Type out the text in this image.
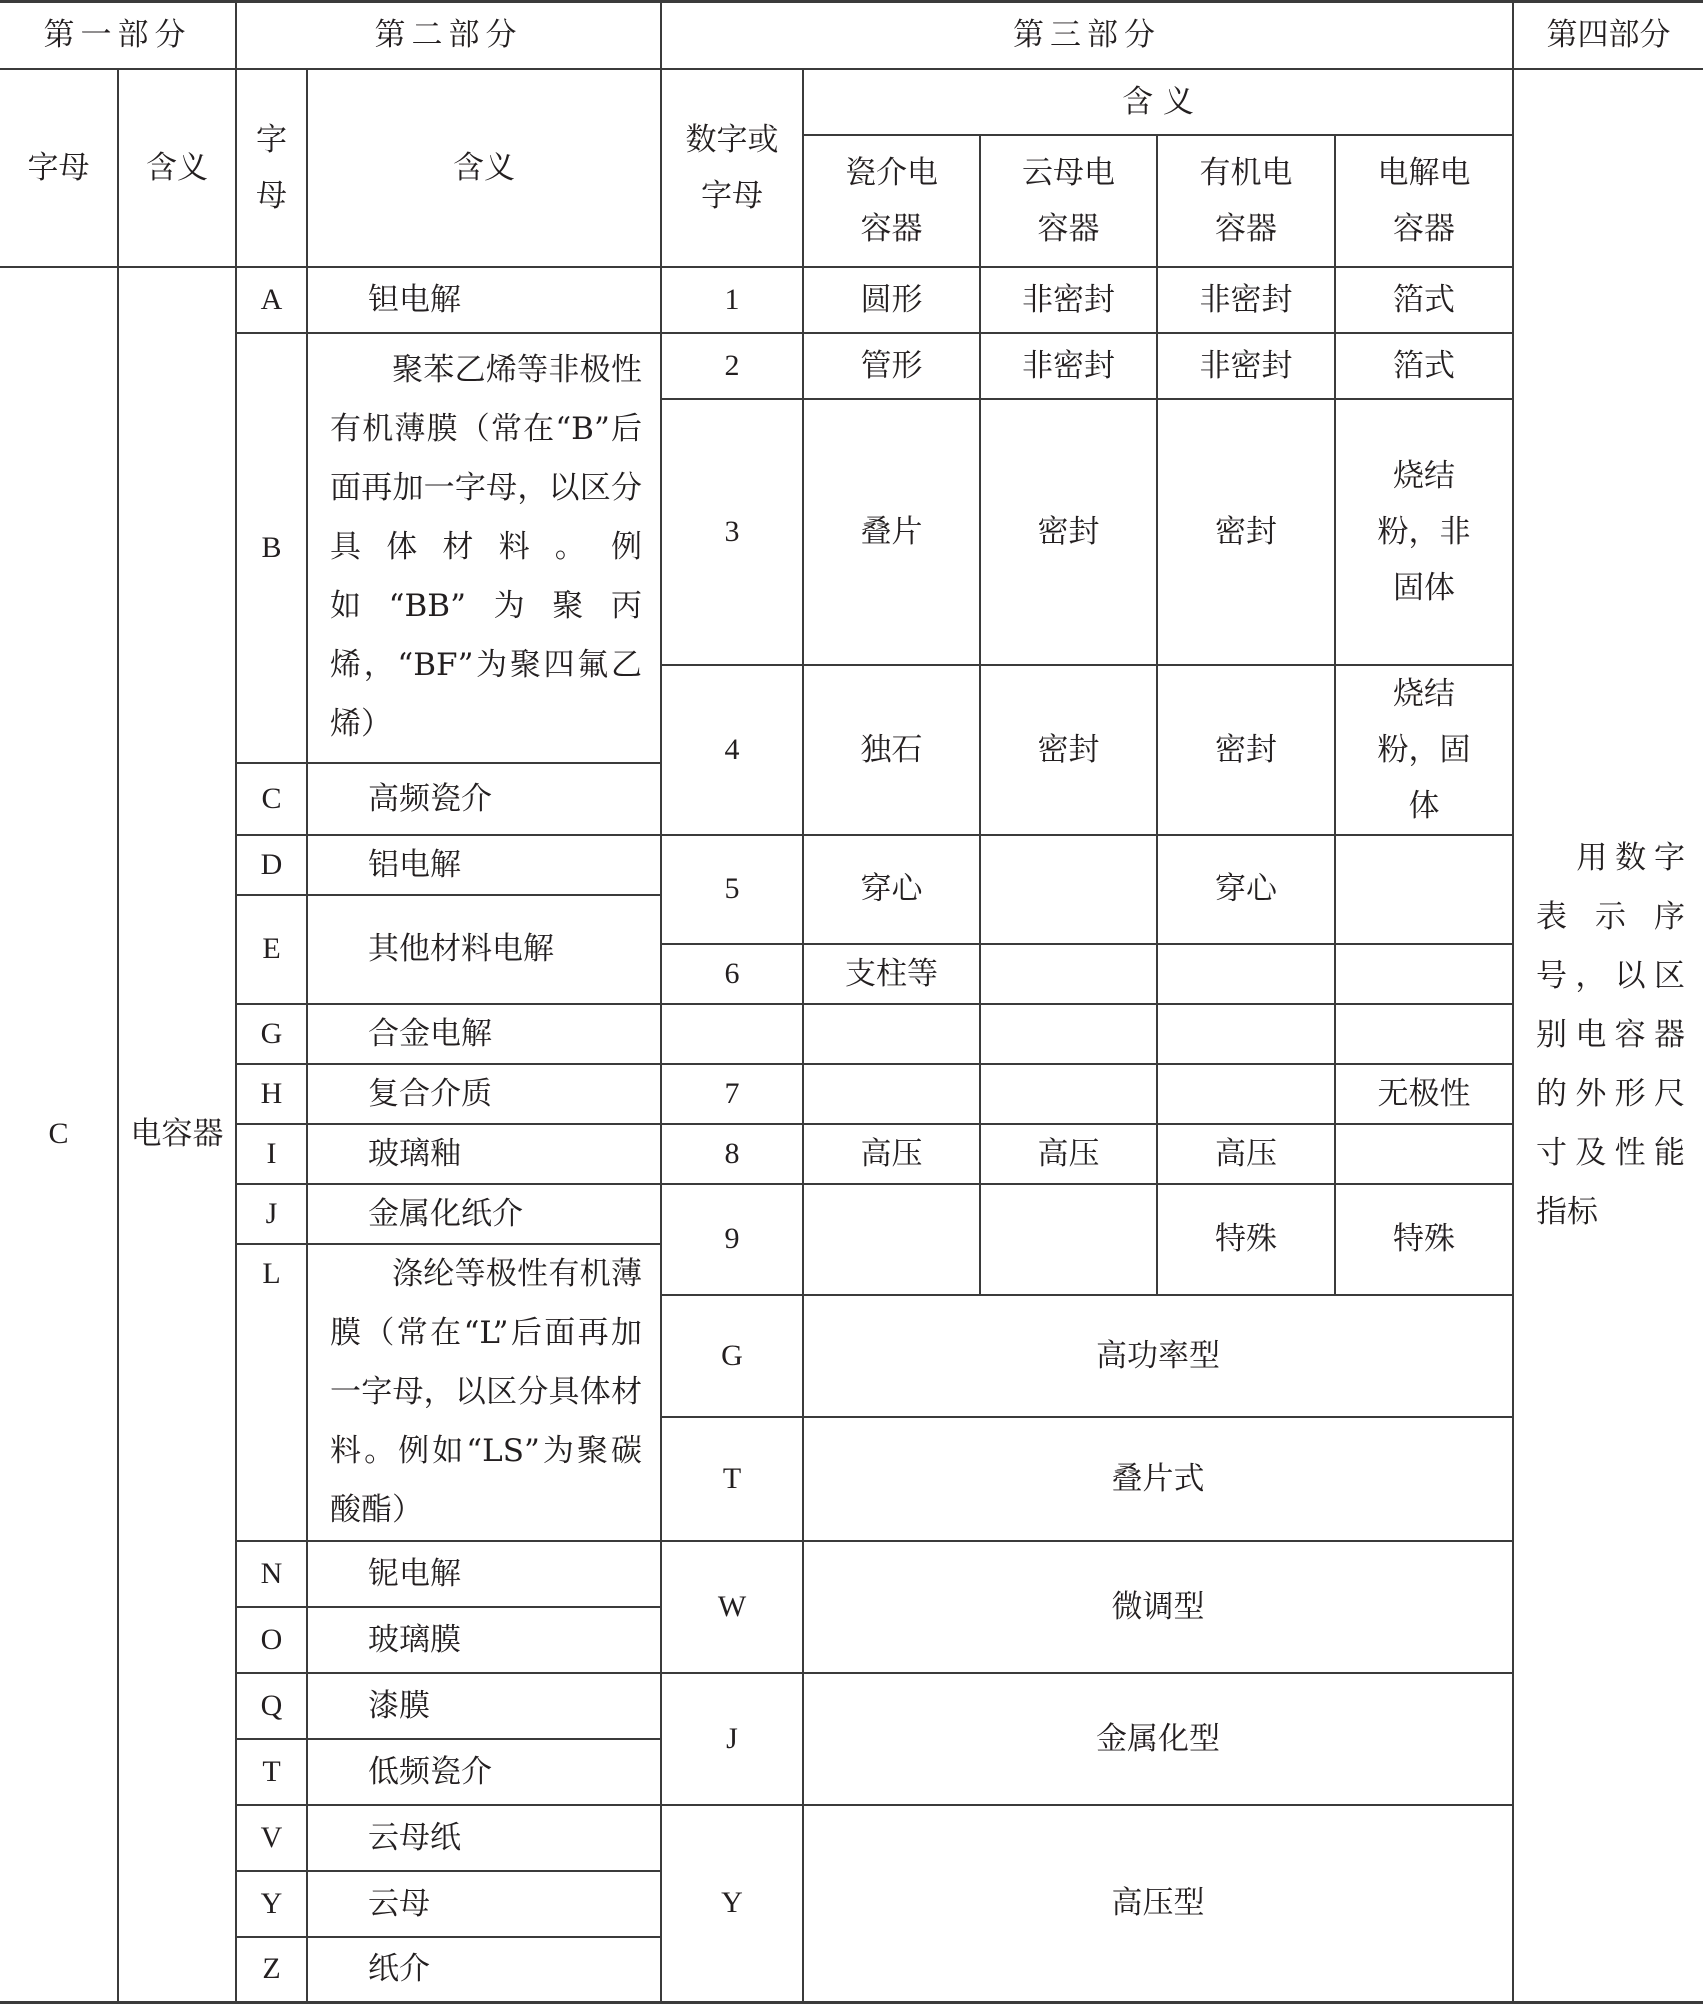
第一部分		第二部分		第三部分					第四部分
字母	含义	字母	含义	数字或字母	含 义				用数字表示序号，以区别电容器的外形尺寸及性能指标
					瓷介电容器	云母电容器	有机电容器	电解电容器	
C	电容器	A	钽电解	1	圆形	非密封	非密封	箔式	
		B	聚苯乙烯等非极性有机薄膜（常在“B”后面再加一字母，以区分具体材料。例如“BB”为聚丙烯，“BF”为聚四氟乙烯）	2	管形	非密封	非密封	箔式	
				3	叠片	密封	密封	烧结粉，非固体	
				4	独石	密封	密封	烧结粉，固体	
		C	高频瓷介						
		D	铝电解	5	穿心		穿心		
		E	其他材料电解						
				6	支柱等				
		G	合金电解						
		H	复合介质	7				无极性	
		I	玻璃釉	8	高压	高压	高压		
		J	金属化纸介	9			特殊	特殊	
		L	涤纶等极性有机薄膜（常在“L”后面再加一字母，以区分具体材料。例如“LS”为聚碳酸酯）						
				G	高功率型				
				T	叠片式				
		N	铌电解	W	微调型				
		O	玻璃膜						
		Q	漆膜	J	金属化型				
		T	低频瓷介						
		V	云母纸	Y	高压型				
		Y	云母						
		Z	纸介						
